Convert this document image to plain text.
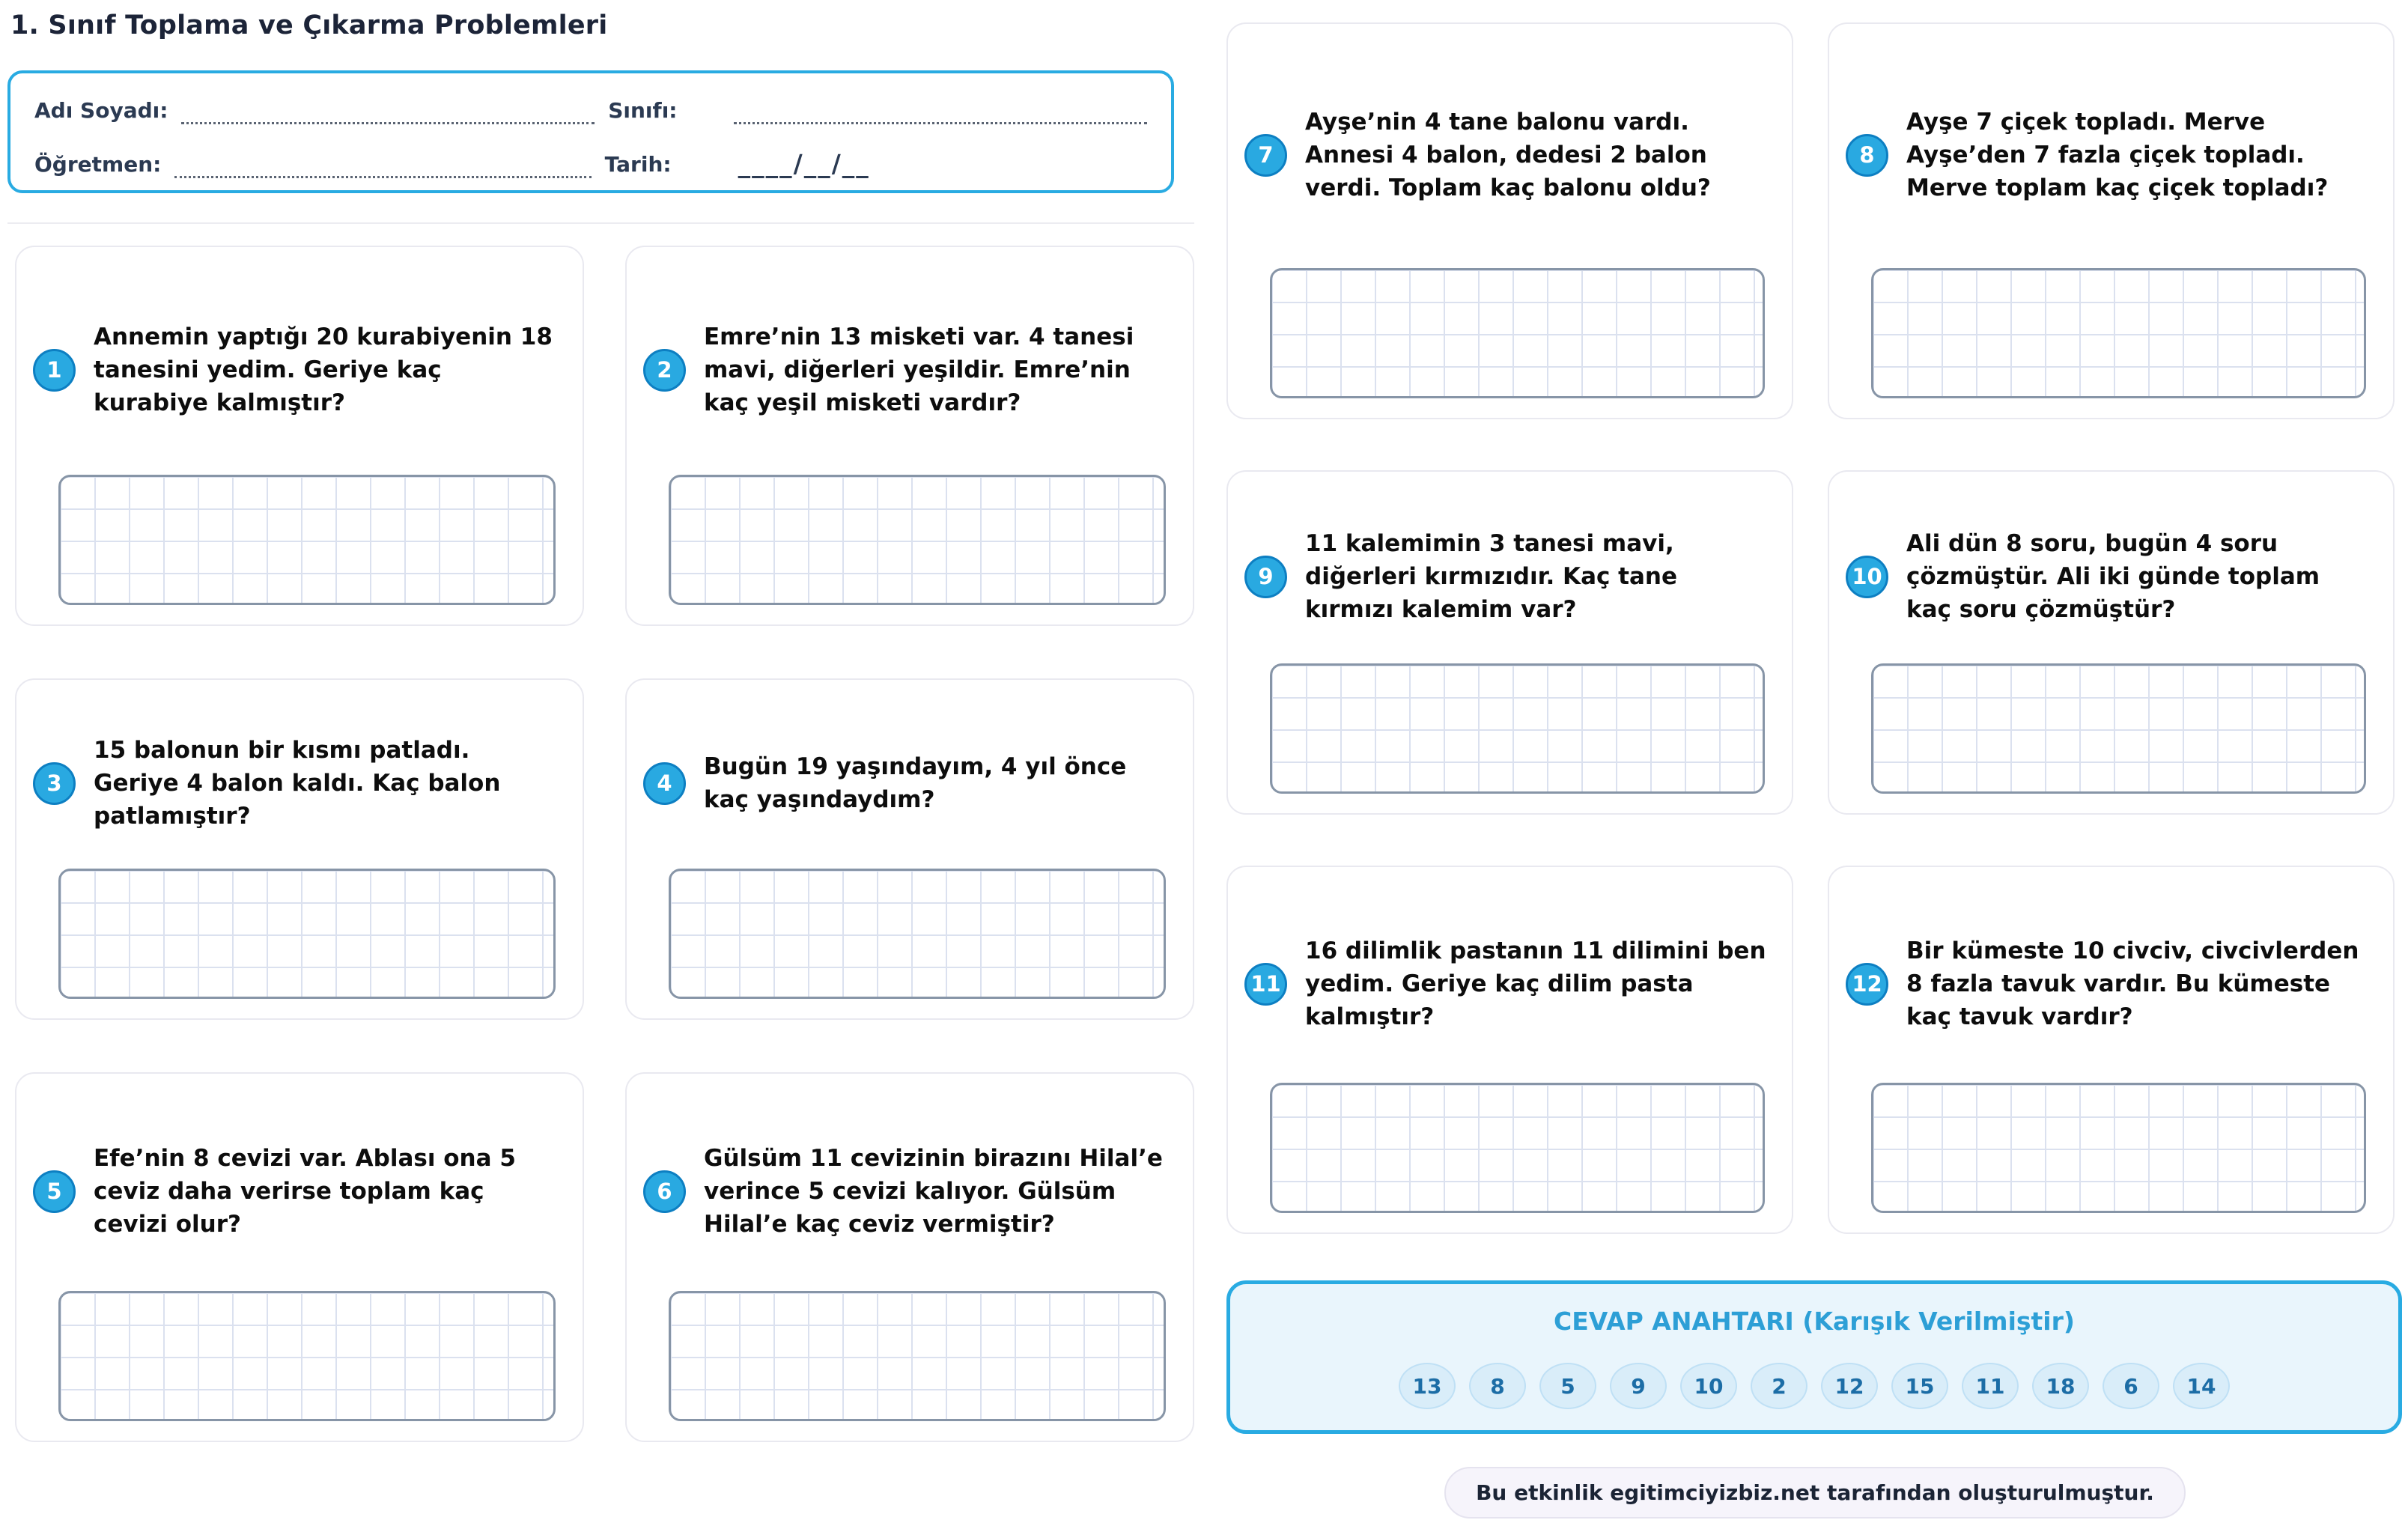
1. Sınıf Toplama ve Çıkarma Problemleri
Adı Soyadı:	Sınıfı:
Öğretmen:	Tarih:	____/__/__
1
Annemin yaptığı 20 kurabiyenin 18 tanesini yedim. Geriye kaç kurabiye kalmıştır?
2
Emre’nin 13 misketi var. 4 tanesi mavi, diğerleri yeşildir. Emre’nin kaç yeşil misketi vardır?
3
15 balonun bir kısmı patladı. Geriye 4 balon kaldı. Kaç balon patlamıştır?
4
Bugün 19 yaşındayım, 4 yıl önce kaç yaşındaydım?
5
Efe’nin 8 cevizi var. Ablası ona 5 ceviz daha verirse toplam kaç cevizi olur?
6
Gülsüm 11 cevizinin birazını Hilal’e verince 5 cevizi kalıyor. Gülsüm Hilal’e kaç ceviz vermiştir?
7
Ayşe’nin 4 tane balonu vardı. Annesi 4 balon, dedesi 2 balon verdi. Toplam kaç balonu oldu?
8
Ayşe 7 çiçek topladı. Merve Ayşe’den 7 fazla çiçek topladı. Merve toplam kaç çiçek topladı?
9
11 kalemimin 3 tanesi mavi, diğerleri kırmızıdır. Kaç tane kırmızı kalemim var?
10
Ali dün 8 soru, bugün 4 soru çözmüştür. Ali iki günde toplam kaç soru çözmüştür?
11
16 dilimlik pastanın 11 dilimini ben yedim. Geriye kaç dilim pasta kalmıştır?
12
Bir kümeste 10 civciv, civcivlerden 8 fazla tavuk vardır. Bu kümeste kaç tavuk vardır?
CEVAP ANAHTARI (Karışık Verilmiştir)
13	8	5	9	10	2	12	15	11	18	6	14
Bu etkinlik egitimciyizbiz.net tarafından oluşturulmuştur.
